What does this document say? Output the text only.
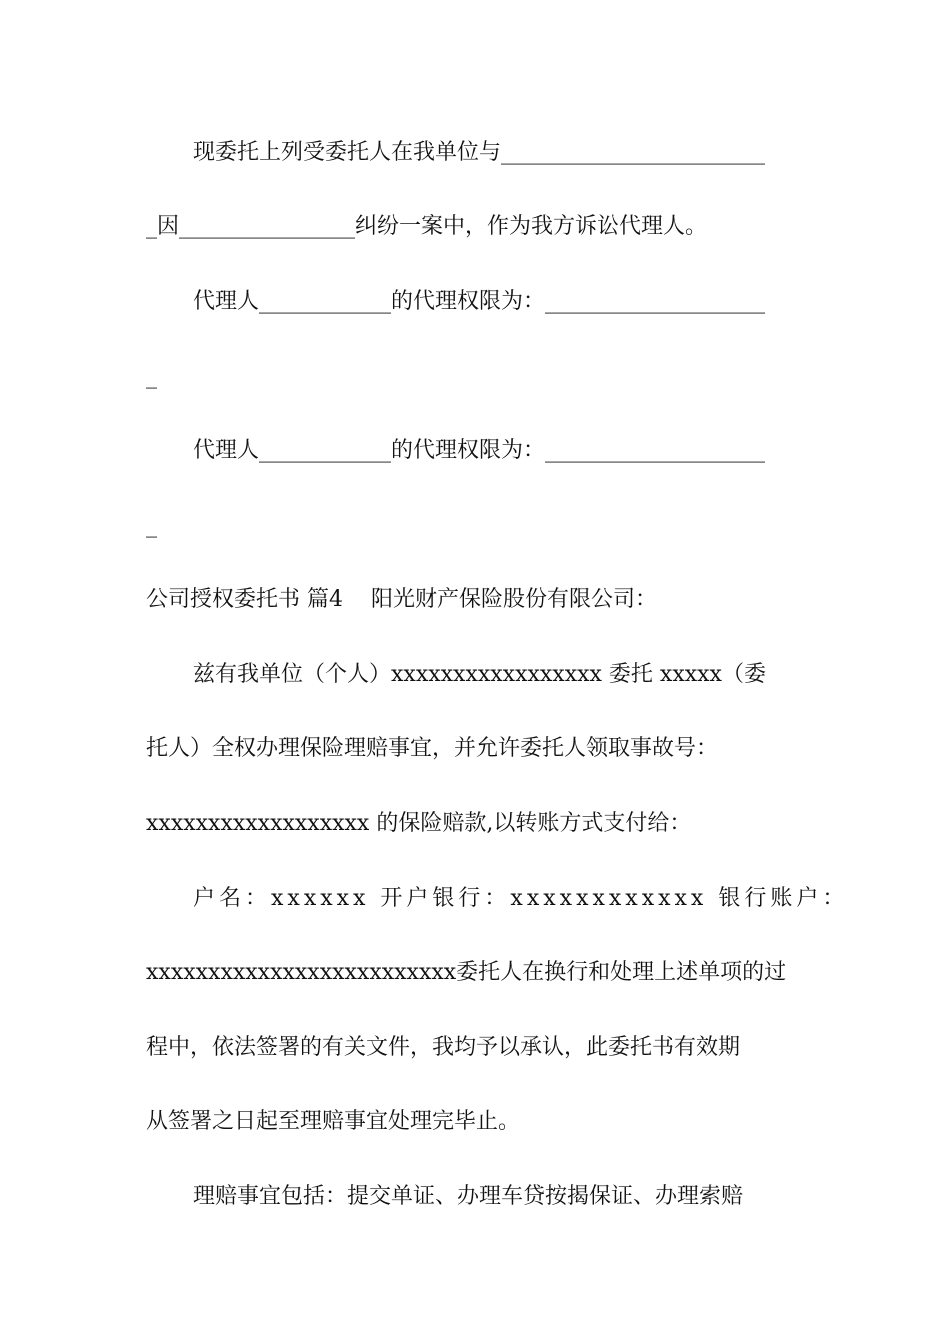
现委托上列受委托人在我单位与________________________
_因________________纠纷一案中，作为我方诉讼代理人。
代理人____________的代理权限为：____________________
_
代理人____________的代理权限为：____________________
_
公司授权委托书 篇4    阳光财产保险股份有限公司：
兹有我单位（个人）xxxxxxxxxxxxxxxxx 委托 xxxxx（委
托人）全权办理保险理赔事宜，并允许委托人领取事故号：
xxxxxxxxxxxxxxxxxx 的保险赔款,以转账方式支付给：
户名：xxxxxx 开户银行：xxxxxxxxxxxx 银行账户：
xxxxxxxxxxxxxxxxxxxxxxxxx委托人在换行和处理上述单项的过
程中，依法签署的有关文件，我均予以承认，此委托书有效期
从签署之日起至理赔事宜处理完毕止。
理赔事宜包括：提交单证、办理车贷按揭保证、办理索赔
